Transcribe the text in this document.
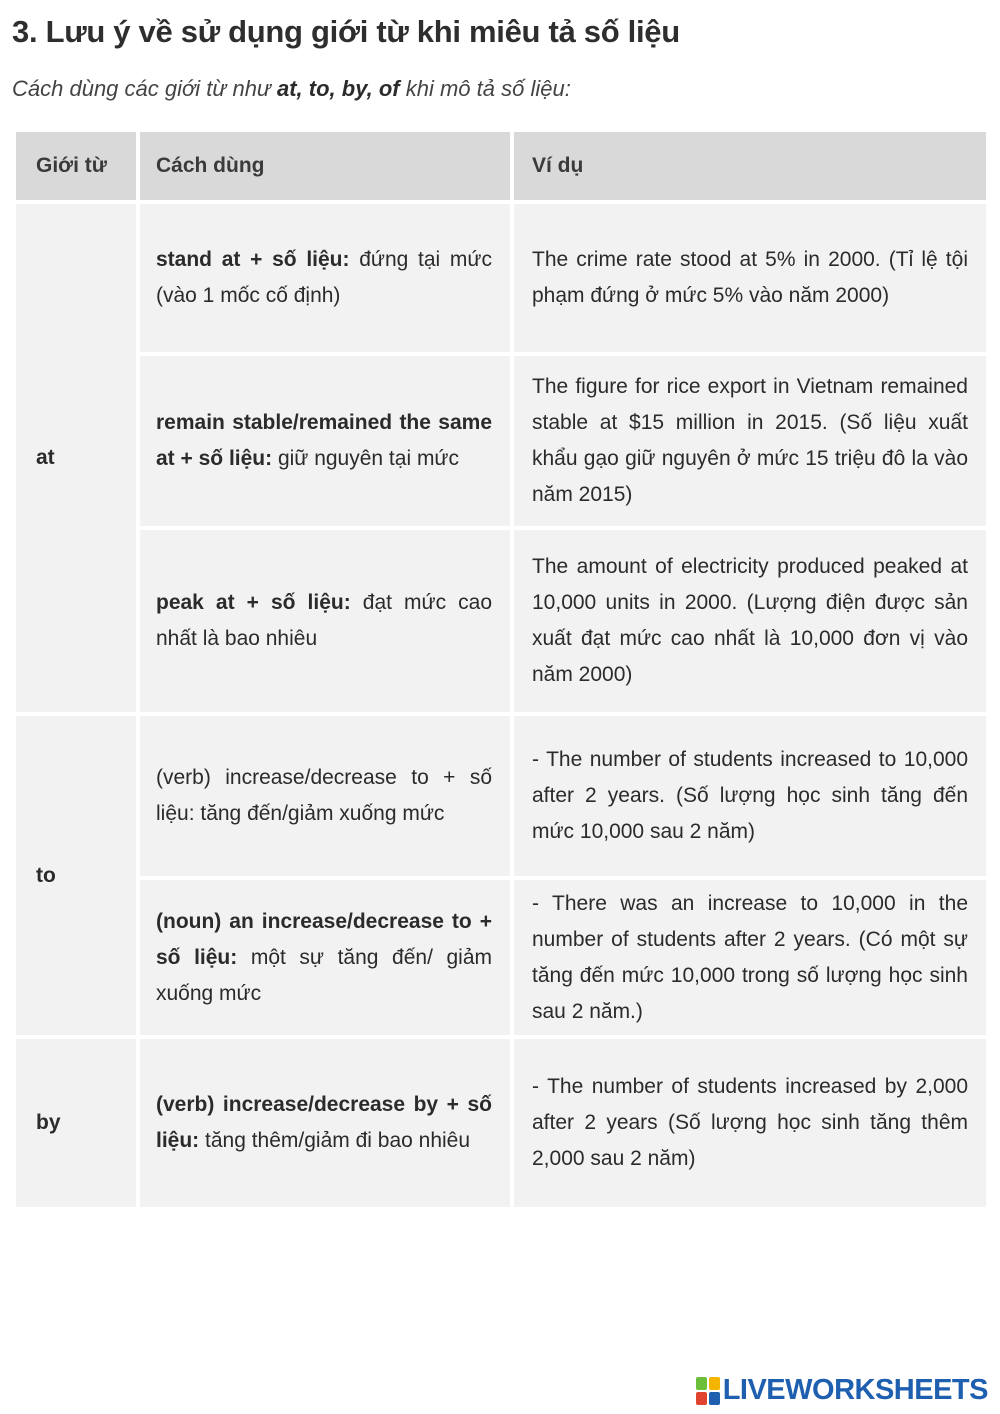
3. Lưu ý về sử dụng giới từ khi miêu tả số liệu
Cách dùng các giới từ như at, to, by, of khi mô tả số liệu:
Giới từ	Cách dùng	Ví dụ
at
to
by
stand at + số liệu: đứng tại mức (vào 1 mốc cố định)
The crime rate stood at 5% in 2000. (Tỉ lệ tội phạm đứng ở mức 5% vào năm 2000)
remain stable/remained the same at + số liệu: giữ nguyên tại mức
The figure for rice export in Vietnam remained stable at $15 million in 2015. (Số liệu xuất khẩu gạo giữ nguyên ở mức 15 triệu đô la vào năm 2015)
peak at + số liệu: đạt mức cao nhất là bao nhiêu
The amount of electricity produced peaked at 10,000 units in 2000. (Lượng điện được sản xuất đạt mức cao nhất là 10,000 đơn vị vào năm 2000)
(verb) increase/decrease to + số liệu: tăng đến/giảm xuống mức
- The number of students increased to 10,000 after 2 years. (Số lượng học sinh tăng đến mức 10,000 sau 2 năm)
(noun) an increase/decrease to + số liệu: một sự tăng đến/ giảm xuống mức
- There was an increase to 10,000 in the number of students after 2 years. (Có một sự tăng đến mức 10,000 trong số lượng học sinh sau 2 năm.)
(verb) increase/decrease by + số liệu: tăng thêm/giảm đi bao nhiêu
- The number of students increased by 2,000 after 2 years (Số lượng học sinh tăng thêm 2,000 sau 2 năm)
LIVEWORKSHEETS
